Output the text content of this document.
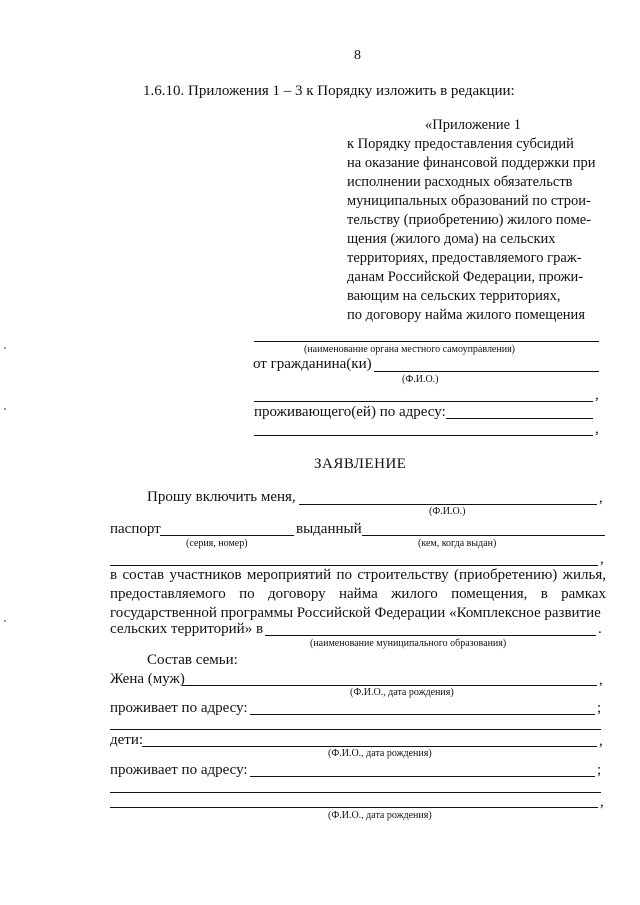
8
1.6.10. Приложения 1 – 3 к Порядку изложить в редакции:
«Приложение 1
к Порядку предоставления субсидий
на оказание финансовой поддержки при
исполнении расходных обязательств
муниципальных образований по строи-
тельству (приобретению) жилого поме-
щения (жилого дома) на сельских
территориях, предоставляемого граж-
данам Российской Федерации, прожи-
вающим на сельских территориях,
по договору найма жилого помещения
(наименование органа местного самоуправления)
от гражданина(ки)
(Ф.И.О.)
,
проживающего(ей) по адресу:
,
ЗАЯВЛЕНИЕ
Прошу включить меня,	,
(Ф.И.О.)
паспорт	выданный
(серия, номер)	(кем, когда выдан)
,
в состав участников мероприятий по строительству (приобретению) жилья, предоставляемого по договору найма жилого помещения, в рамках государственной программы Российской Федерации «Комплексное развитие
сельских территорий» в	.
(наименование муниципального образования)
Состав семьи:
Жена (муж)	,
(Ф.И.О., дата рождения)
проживает по адресу:	;
дети:	,
(Ф.И.О., дата рождения)
проживает по адресу:	;
,
(Ф.И.О., дата рождения)
